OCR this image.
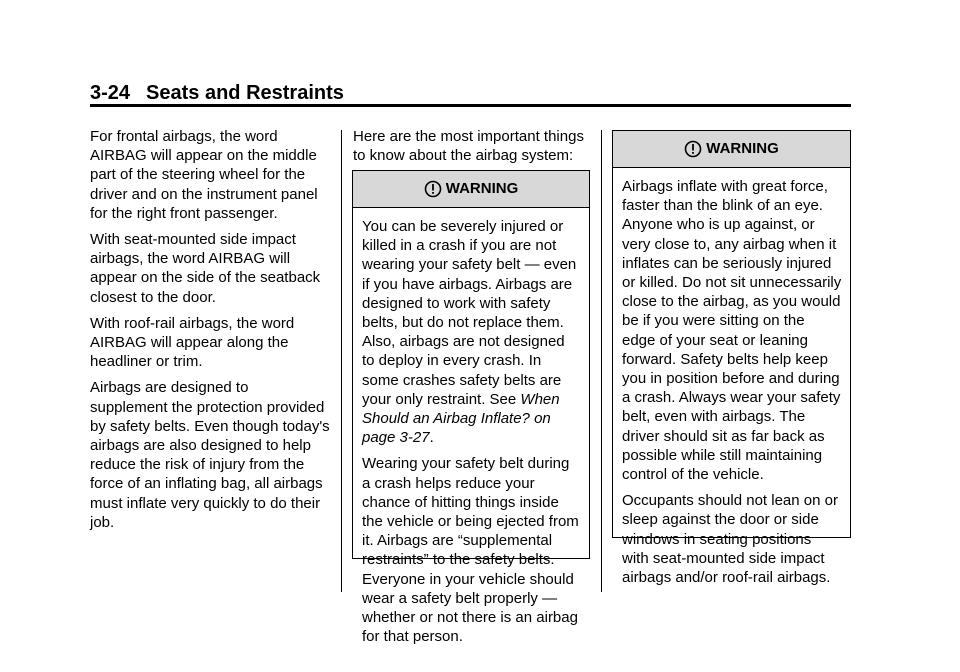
3-24 Seats and Restraints

For frontal airbags, the word AIRBAG will appear on the middle part of the steering wheel for the driver and on the instrument panel for the right front passenger.

With seat-mounted side impact airbags, the word AIRBAG will appear on the side of the seatback closest to the door.

With roof-rail airbags, the word AIRBAG will appear along the headliner or trim.

Airbags are designed to supplement the protection provided by safety belts. Even though today's airbags are also designed to help reduce the risk of injury from the force of an inflating bag, all airbags must inflate very quickly to do their job.

Here are the most important things to know about the airbag system:

WARNING

You can be severely injured or killed in a crash if you are not wearing your safety belt — even if you have airbags. Airbags are designed to work with safety belts, but do not replace them. Also, airbags are not designed to deploy in every crash. In some crashes safety belts are your only restraint. See When Should an Airbag Inflate? on page 3-27.

Wearing your safety belt during a crash helps reduce your chance of hitting things inside the vehicle or being ejected from it. Airbags are “supplemental restraints” to the safety belts. Everyone in your vehicle should wear a safety belt properly — whether or not there is an airbag for that person.

WARNING

Airbags inflate with great force, faster than the blink of an eye. Anyone who is up against, or very close to, any airbag when it inflates can be seriously injured or killed. Do not sit unnecessarily close to the airbag, as you would be if you were sitting on the edge of your seat or leaning forward. Safety belts help keep you in position before and during a crash. Always wear your safety belt, even with airbags. The driver should sit as far back as possible while still maintaining control of the vehicle.

Occupants should not lean on or sleep against the door or side windows in seating positions with seat-mounted side impact airbags and/or roof-rail airbags.
